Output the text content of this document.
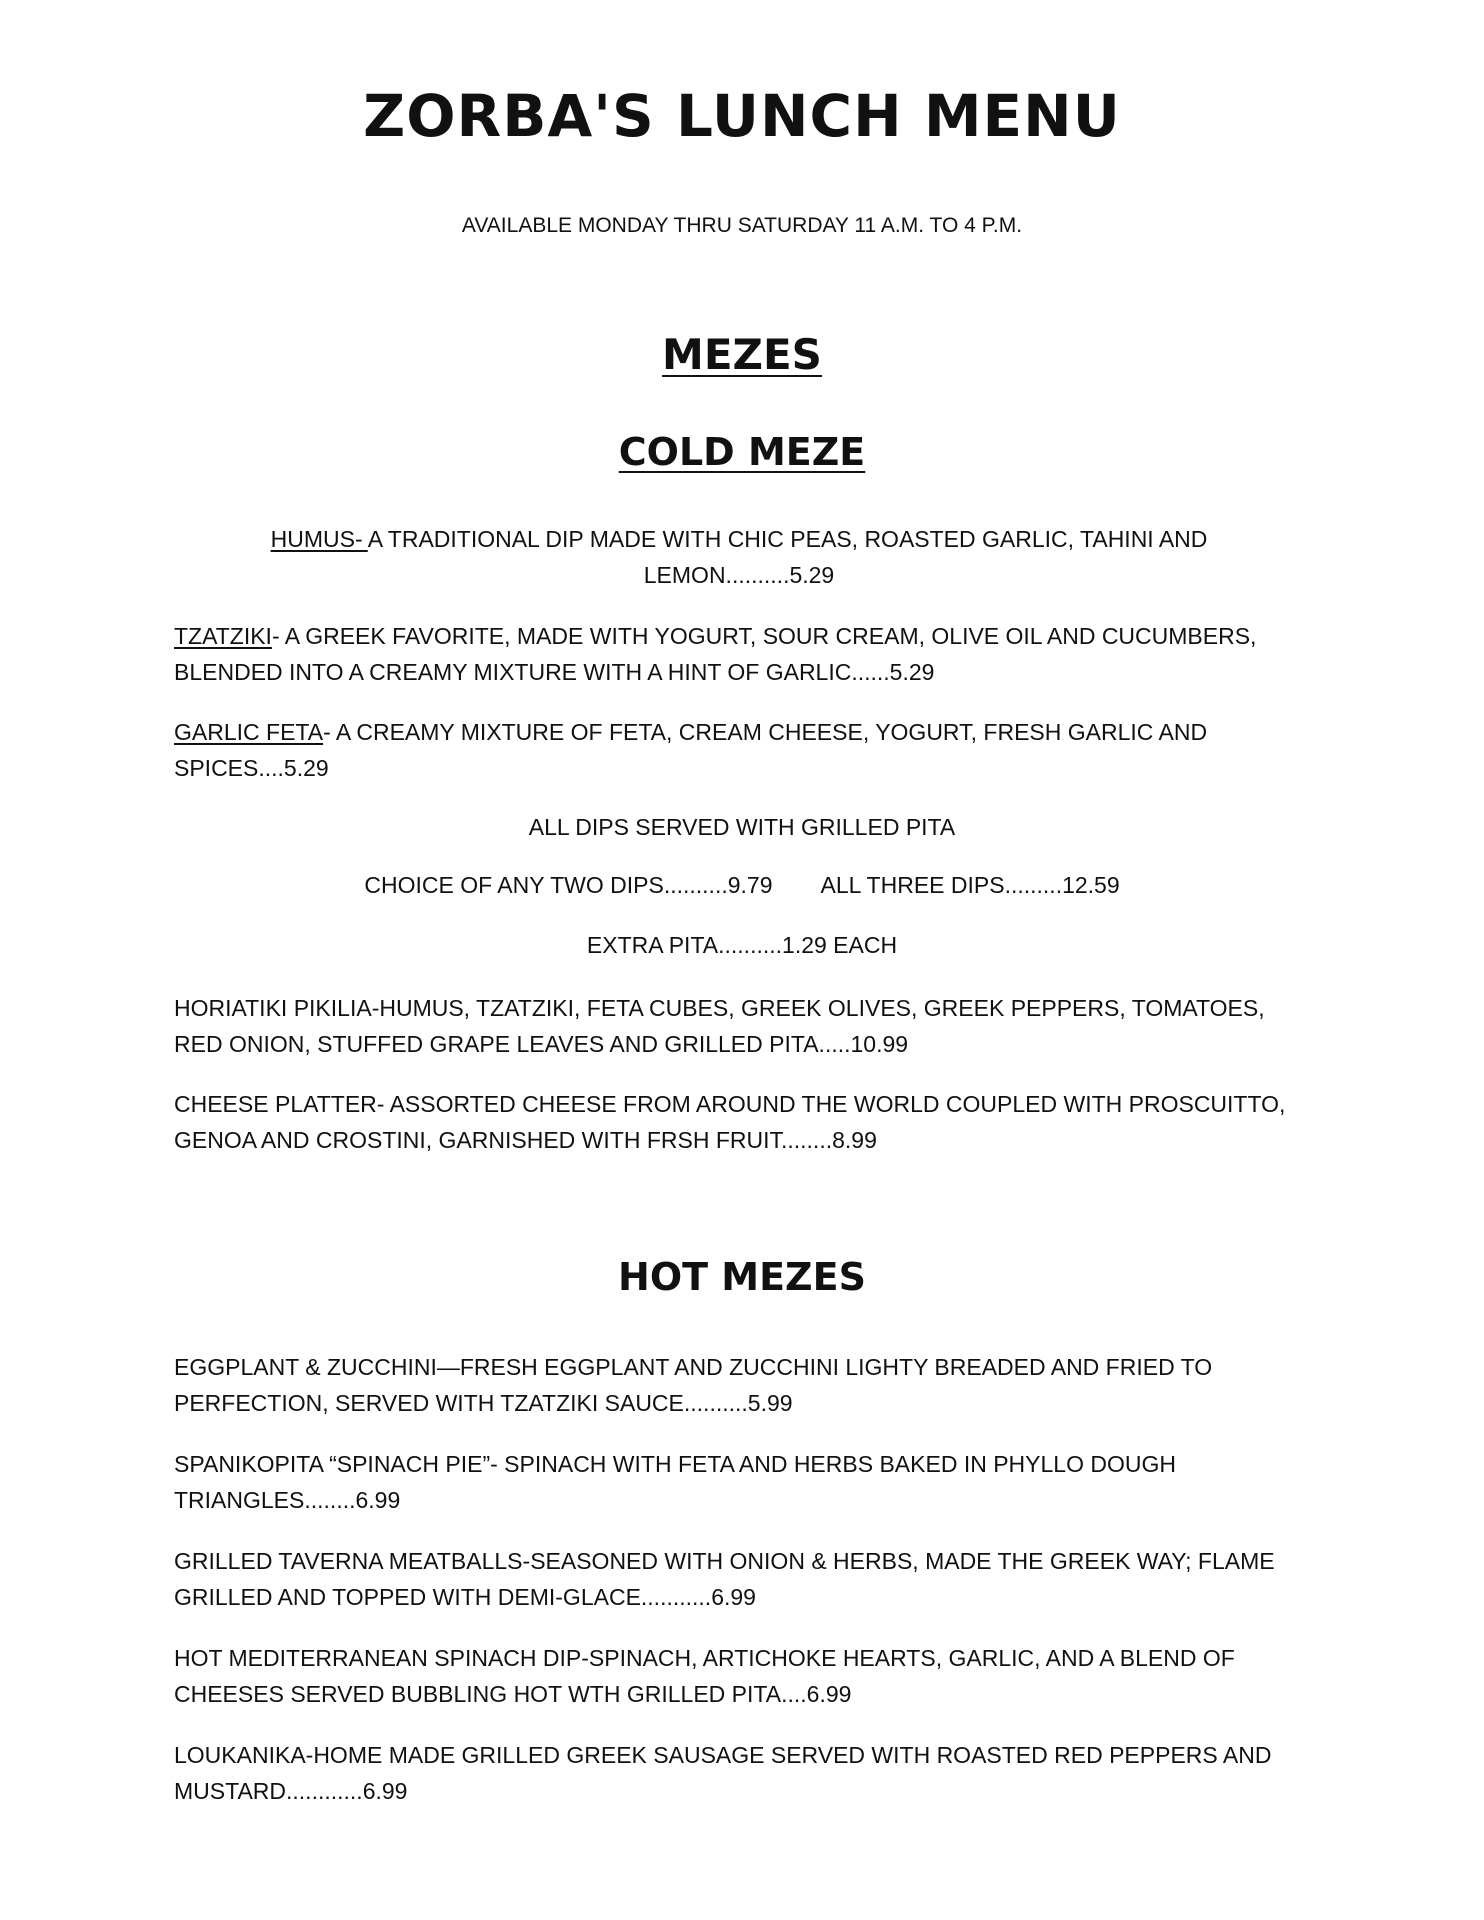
ZORBA'S LUNCH MENU

AVAILABLE MONDAY THRU SATURDAY 11 A.M. TO 4 P.M.

MEZES
COLD MEZE

HUMUS- A TRADITIONAL DIP MADE WITH CHIC PEAS, ROASTED GARLIC, TAHINI AND LEMON..........5.29

TZATZIKI- A GREEK FAVORITE, MADE WITH YOGURT, SOUR CREAM, OLIVE OIL AND CUCUMBERS, BLENDED INTO A CREAMY MIXTURE WITH A HINT OF GARLIC......5.29

GARLIC FETA- A CREAMY MIXTURE OF FETA, CREAM CHEESE, YOGURT, FRESH GARLIC AND SPICES....5.29

ALL DIPS SERVED WITH GRILLED PITA

CHOICE OF ANY TWO DIPS..........9.79 ALL THREE DIPS.........12.59

EXTRA PITA..........1.29 EACH

HORIATIKI PIKILIA-HUMUS, TZATZIKI, FETA CUBES, GREEK OLIVES, GREEK PEPPERS, TOMATOES, RED ONION, STUFFED GRAPE LEAVES AND GRILLED PITA.....10.99

CHEESE PLATTER- ASSORTED CHEESE FROM AROUND THE WORLD COUPLED WITH PROSCUITTO, GENOA AND CROSTINI, GARNISHED WITH FRSH FRUIT........8.99

HOT MEZES

EGGPLANT & ZUCCHINI—FRESH EGGPLANT AND ZUCCHINI LIGHTY BREADED AND FRIED TO PERFECTION, SERVED WITH TZATZIKI SAUCE..........5.99

SPANIKOPITA “SPINACH PIE”- SPINACH WITH FETA AND HERBS BAKED IN PHYLLO DOUGH TRIANGLES........6.99

GRILLED TAVERNA MEATBALLS-SEASONED WITH ONION & HERBS, MADE THE GREEK WAY; FLAME GRILLED AND TOPPED WITH DEMI-GLACE...........6.99

HOT MEDITERRANEAN SPINACH DIP-SPINACH, ARTICHOKE HEARTS, GARLIC, AND A BLEND OF CHEESES SERVED BUBBLING HOT WTH GRILLED PITA....6.99

LOUKANIKA-HOME MADE GRILLED GREEK SAUSAGE SERVED WITH ROASTED RED PEPPERS AND MUSTARD............6.99
